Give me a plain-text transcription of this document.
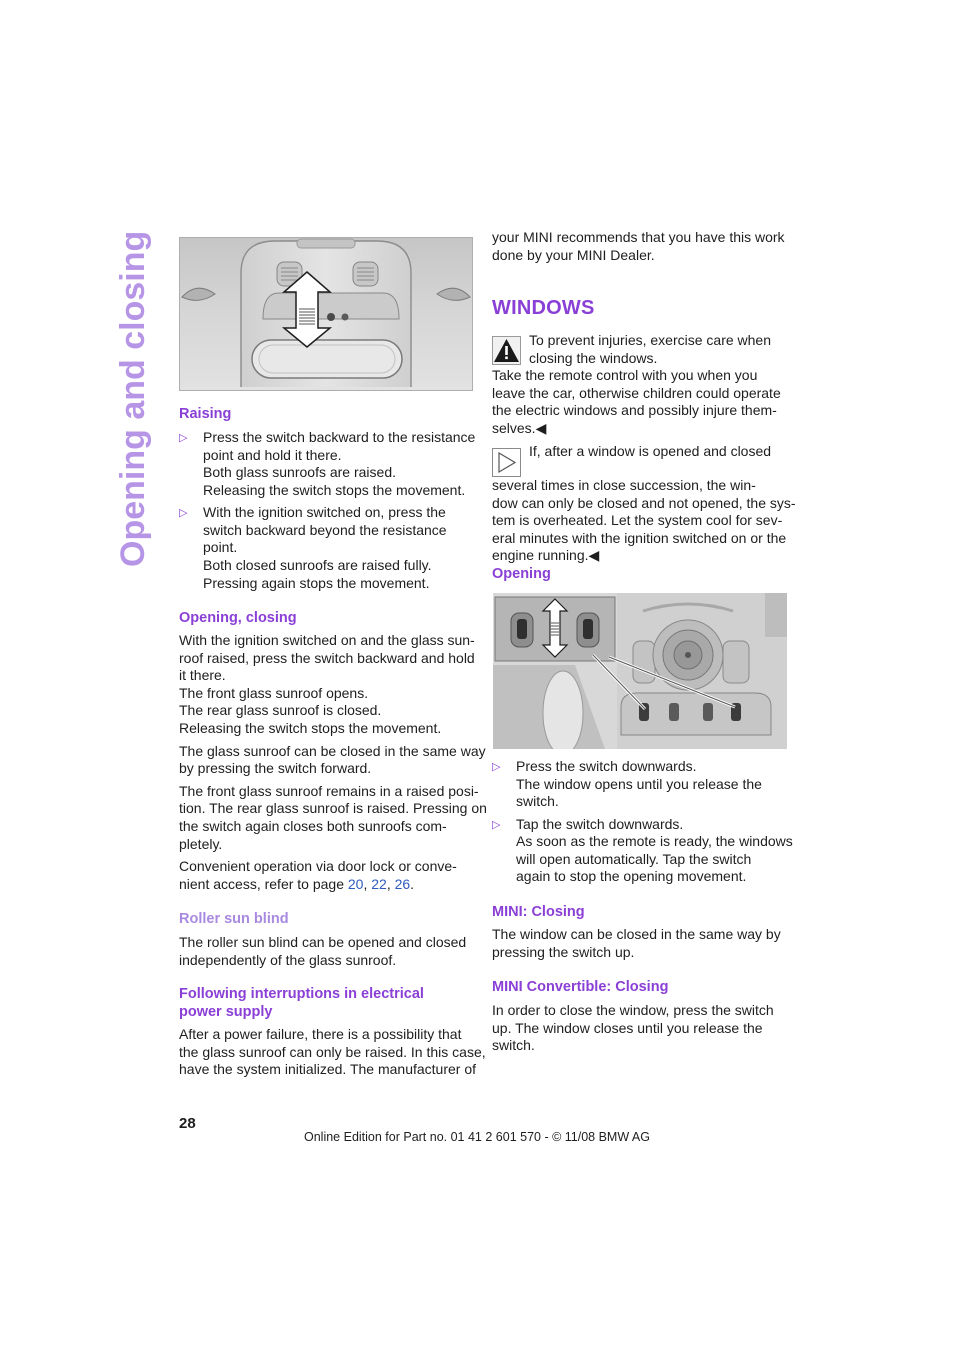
Opening and closing Raising
▷ Press the switch backward to the resistance
point and hold it there.
Both glass sunroofs are raised.
Releasing the switch stops the movement.
▷ With the ignition switched on, press the
switch backward beyond the resistance
point.
Both closed sunroofs are raised fully.
Pressing again stops the movement.
Opening, closing
With the ignition switched on and the glass sun-
roof raised, press the switch backward and hold
it there.
The front glass sunroof opens.
The rear glass sunroof is closed.
Releasing the switch stops the movement.
The glass sunroof can be closed in the same way
by pressing the switch forward.
The front glass sunroof remains in a raised posi-
tion. The rear glass sunroof is raised. Pressing on
the switch again closes both sunroofs com-
pletely.
Convenient operation via door lock or conve-
nient access, refer to page 20, 22, 26.
Roller sun blind
The roller sun blind can be opened and closed
independently of the glass sunroof.
Following interruptions in electrical
power supply
After a power failure, there is a possibility that
the glass sunroof can only be raised. In this case,
have the system initialized. The manufacturer of
your MINI recommends that you have this work
done by your MINI Dealer.
WINDOWS
To prevent injuries, exercise care when
closing the windows.
Take the remote control with you when you
leave the car, otherwise children could operate
the electric windows and possibly injure them-
selves.◀
If, after a window is opened and closed
several times in close succession, the win-
dow can only be closed and not opened, the sys-
tem is overheated. Let the system cool for sev-
eral minutes with the ignition switched on or the
engine running.◀
Opening
▷ Press the switch downwards.
The window opens until you release the
switch.
▷ Tap the switch downwards.
As soon as the remote is ready, the windows
will open automatically. Tap the switch
again to stop the opening movement.
MINI: Closing
The window can be closed in the same way by
pressing the switch up.
MINI Convertible: Closing
In order to close the window, press the switch
up. The window closes until you release the
switch.
28
Online Edition for Part no. 01 41 2 601 570 - © 11/08 BMW AG
